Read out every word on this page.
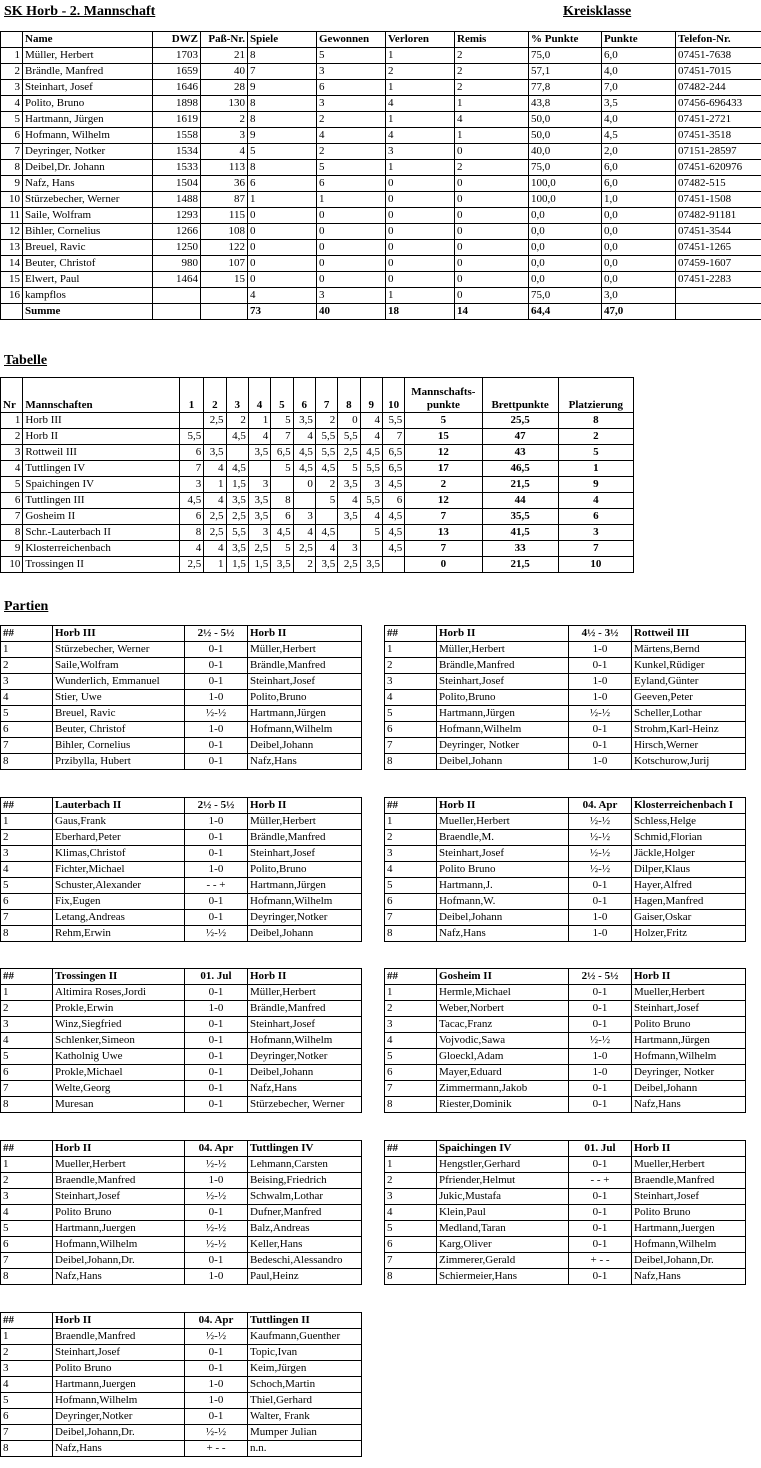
SK Horb - 2. Mannschaft	Kreisklasse
	Name	DWZ	Paß-Nr.	Spiele	Gewonnen	Verloren	Remis	% Punkte	Punkte	Telefon-Nr.
1	Müller, Herbert	1703	21	8	5	1	2	75,0	6,0	07451-7638
2	Brändle, Manfred	1659	40	7	3	2	2	57,1	4,0	07451-7015
3	Steinhart, Josef	1646	28	9	6	1	2	77,8	7,0	07482-244
4	Polito, Bruno	1898	130	8	3	4	1	43,8	3,5	07456-696433
5	Hartmann, Jürgen	1619	2	8	2	1	4	50,0	4,0	07451-2721
6	Hofmann, Wilhelm	1558	3	9	4	4	1	50,0	4,5	07451-3518
7	Deyringer, Notker	1534	4	5	2	3	0	40,0	2,0	07151-28597
8	Deibel,Dr. Johann	1533	113	8	5	1	2	75,0	6,0	07451-620976
9	Nafz, Hans	1504	36	6	6	0	0	100,0	6,0	07482-515
10	Stürzebecher, Werner	1488	87	1	1	0	0	100,0	1,0	07451-1508
11	Saile, Wolfram	1293	115	0	0	0	0	0,0	0,0	07482-91181
12	Bihler, Cornelius	1266	108	0	0	0	0	0,0	0,0	07451-3544
13	Breuel, Ravic	1250	122	0	0	0	0	0,0	0,0	07451-1265
14	Beuter, Christof	980	107	0	0	0	0	0,0	0,0	07459-1607
15	Elwert, Paul	1464	15	0	0	0	0	0,0	0,0	07451-2283
16	kampflos			4	3	1	0	75,0	3,0	
	Summe			73	40	18	14	64,4	47,0	
Tabelle
Nr	Mannschaften	1	2	3	4	5	6	7	8	9	10	Mannschafts-punkte	Brettpunkte	Platzierung
1	Horb III		2,5	2	1	5	3,5	2	0	4	5,5	5	25,5	8
2	Horb II	5,5		4,5	4	7	4	5,5	5,5	4	7	15	47	2
3	Rottweil III	6	3,5		3,5	6,5	4,5	5,5	2,5	4,5	6,5	12	43	5
4	Tuttlingen IV	7	4	4,5		5	4,5	4,5	5	5,5	6,5	17	46,5	1
5	Spaichingen IV	3	1	1,5	3		0	2	3,5	3	4,5	2	21,5	9
6	Tuttlingen III	4,5	4	3,5	3,5	8		5	4	5,5	6	12	44	4
7	Gosheim II	6	2,5	2,5	3,5	6	3		3,5	4	4,5	7	35,5	6
8	Schr.-Lauterbach II	8	2,5	5,5	3	4,5	4	4,5		5	4,5	13	41,5	3
9	Klosterreichenbach	4	4	3,5	2,5	5	2,5	4	3		4,5	7	33	7
10	Trossingen II	2,5	1	1,5	1,5	3,5	2	3,5	2,5	3,5		0	21,5	10
Partien
##	Horb III	2½ - 5½	Horb II
1	Stürzebecher, Werner	0-1	Müller,Herbert
2	Saile,Wolfram	0-1	Brändle,Manfred
3	Wunderlich, Emmanuel	0-1	Steinhart,Josef
4	Stier, Uwe	1-0	Polito,Bruno
5	Breuel, Ravic	½-½	Hartmann,Jürgen
6	Beuter, Christof	1-0	Hofmann,Wilhelm
7	Bihler, Cornelius	0-1	Deibel,Johann
8	Przibylla, Hubert	0-1	Nafz,Hans
##	Horb II	4½ - 3½	Rottweil III
1	Müller,Herbert	1-0	Märtens,Bernd
2	Brändle,Manfred	0-1	Kunkel,Rüdiger
3	Steinhart,Josef	1-0	Eyland,Günter
4	Polito,Bruno	1-0	Geeven,Peter
5	Hartmann,Jürgen	½-½	Scheller,Lothar
6	Hofmann,Wilhelm	0-1	Strohm,Karl-Heinz
7	Deyringer, Notker	0-1	Hirsch,Werner
8	Deibel,Johann	1-0	Kotschurow,Jurij
##	Lauterbach II	2½ - 5½	Horb II
1	Gaus,Frank	1-0	Müller,Herbert
2	Eberhard,Peter	0-1	Brändle,Manfred
3	Klimas,Christof	0-1	Steinhart,Josef
4	Fichter,Michael	1-0	Polito,Bruno
5	Schuster,Alexander	- - +	Hartmann,Jürgen
6	Fix,Eugen	0-1	Hofmann,Wilhelm
7	Letang,Andreas	0-1	Deyringer,Notker
8	Rehm,Erwin	½-½	Deibel,Johann
##	Horb II	04. Apr	Klosterreichenbach I
1	Mueller,Herbert	½-½	Schless,Helge
2	Braendle,M.	½-½	Schmid,Florian
3	Steinhart,Josef	½-½	Jäckle,Holger
4	Polito Bruno	½-½	Dilper,Klaus
5	Hartmann,J.	0-1	Hayer,Alfred
6	Hofmann,W.	0-1	Hagen,Manfred
7	Deibel,Johann	1-0	Gaiser,Oskar
8	Nafz,Hans	1-0	Holzer,Fritz
##	Trossingen II	01. Jul	Horb II
1	Altimira Roses,Jordi	0-1	Müller,Herbert
2	Prokle,Erwin	1-0	Brändle,Manfred
3	Winz,Siegfried	0-1	Steinhart,Josef
4	Schlenker,Simeon	0-1	Hofmann,Wilhelm
5	Katholnig Uwe	0-1	Deyringer,Notker
6	Prokle,Michael	0-1	Deibel,Johann
7	Welte,Georg	0-1	Nafz,Hans
8	Muresan	0-1	Stürzebecher, Werner
##	Gosheim II	2½ - 5½	Horb II
1	Hermle,Michael	0-1	Mueller,Herbert
2	Weber,Norbert	0-1	Steinhart,Josef
3	Tacac,Franz	0-1	Polito Bruno
4	Vojvodic,Sawa	½-½	Hartmann,Jürgen
5	Gloeckl,Adam	1-0	Hofmann,Wilhelm
6	Mayer,Eduard	1-0	Deyringer, Notker
7	Zimmermann,Jakob	0-1	Deibel,Johann
8	Riester,Dominik	0-1	Nafz,Hans
##	Horb II	04. Apr	Tuttlingen IV
1	Mueller,Herbert	½-½	Lehmann,Carsten
2	Braendle,Manfred	1-0	Beising,Friedrich
3	Steinhart,Josef	½-½	Schwalm,Lothar
4	Polito Bruno	0-1	Dufner,Manfred
5	Hartmann,Juergen	½-½	Balz,Andreas
6	Hofmann,Wilhelm	½-½	Keller,Hans
7	Deibel,Johann,Dr.	0-1	Bedeschi,Alessandro
8	Nafz,Hans	1-0	Paul,Heinz
##	Spaichingen IV	01. Jul	Horb II
1	Hengstler,Gerhard	0-1	Mueller,Herbert
2	Pfriender,Helmut	- - +	Braendle,Manfred
3	Jukic,Mustafa	0-1	Steinhart,Josef
4	Klein,Paul	0-1	Polito Bruno
5	Medland,Taran	0-1	Hartmann,Juergen
6	Karg,Oliver	0-1	Hofmann,Wilhelm
7	Zimmerer,Gerald	+ - -	Deibel,Johann,Dr.
8	Schiermeier,Hans	0-1	Nafz,Hans
##	Horb II	04. Apr	Tuttlingen II
1	Braendle,Manfred	½-½	Kaufmann,Guenther
2	Steinhart,Josef	0-1	Topic,Ivan
3	Polito Bruno	0-1	Keim,Jürgen
4	Hartmann,Juergen	1-0	Schoch,Martin
5	Hofmann,Wilhelm	1-0	Thiel,Gerhard
6	Deyringer,Notker	0-1	Walter, Frank
7	Deibel,Johann,Dr.	½-½	Mumper Julian
8	Nafz,Hans	+ - -	n.n.
